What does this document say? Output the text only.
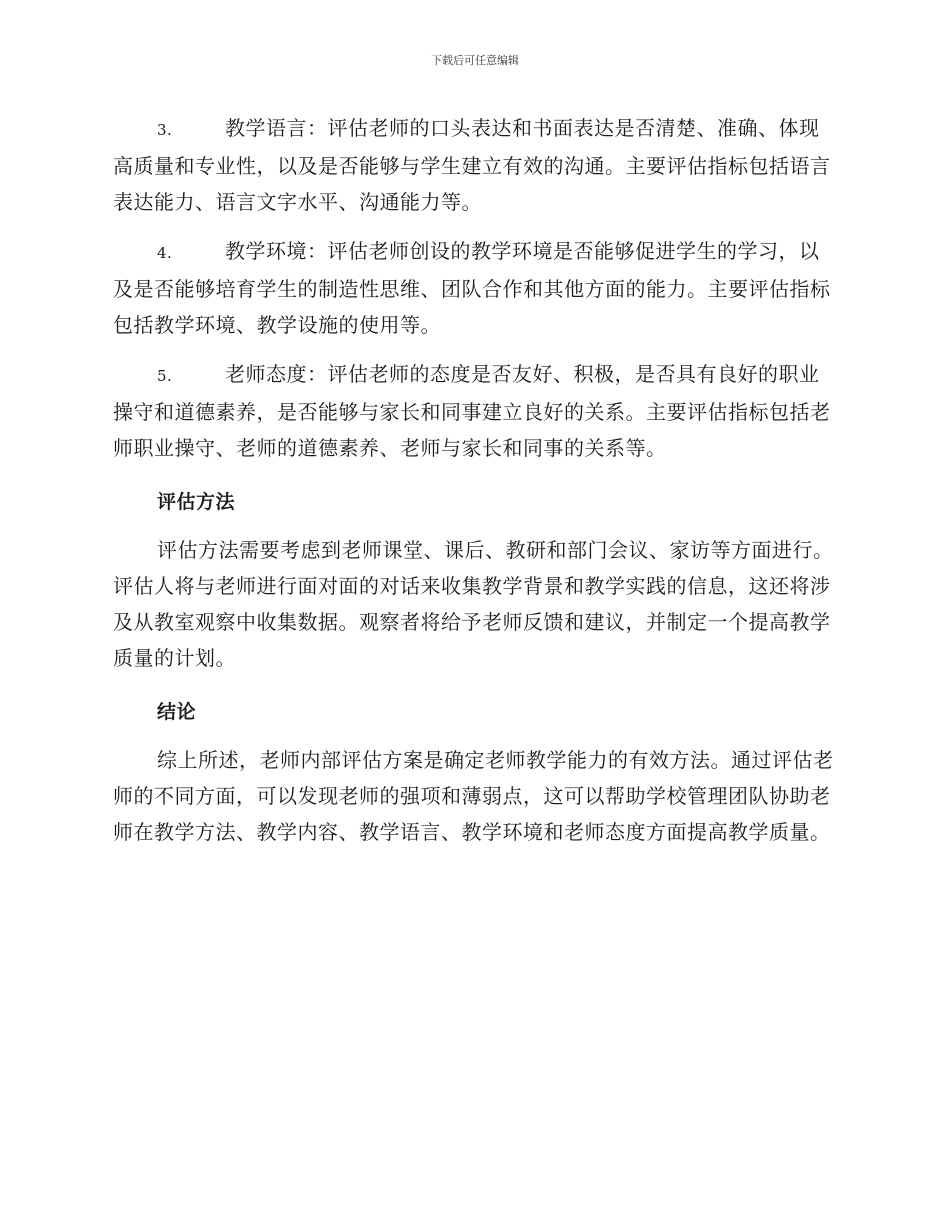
下载后可任意编辑

3.	教学语言：评估老师的口头表达和书面表达是否清楚、准确、体现高质量和专业性，以及是否能够与学生建立有效的沟通。主要评估指标包括语言表达能力、语言文字水平、沟通能力等。

4.	教学环境：评估老师创设的教学环境是否能够促进学生的学习，以及是否能够培育学生的制造性思维、团队合作和其他方面的能力。主要评估指标包括教学环境、教学设施的使用等。

5.	老师态度：评估老师的态度是否友好、积极，是否具有良好的职业操守和道德素养，是否能够与家长和同事建立良好的关系。主要评估指标包括老师职业操守、老师的道德素养、老师与家长和同事的关系等。

评估方法

评估方法需要考虑到老师课堂、课后、教研和部门会议、家访等方面进行。评估人将与老师进行面对面的对话来收集教学背景和教学实践的信息，这还将涉及从教室观察中收集数据。观察者将给予老师反馈和建议，并制定一个提高教学质量的计划。

结论

综上所述，老师内部评估方案是确定老师教学能力的有效方法。通过评估老师的不同方面，可以发现老师的强项和薄弱点，这可以帮助学校管理团队协助老师在教学方法、教学内容、教学语言、教学环境和老师态度方面提高教学质量。
